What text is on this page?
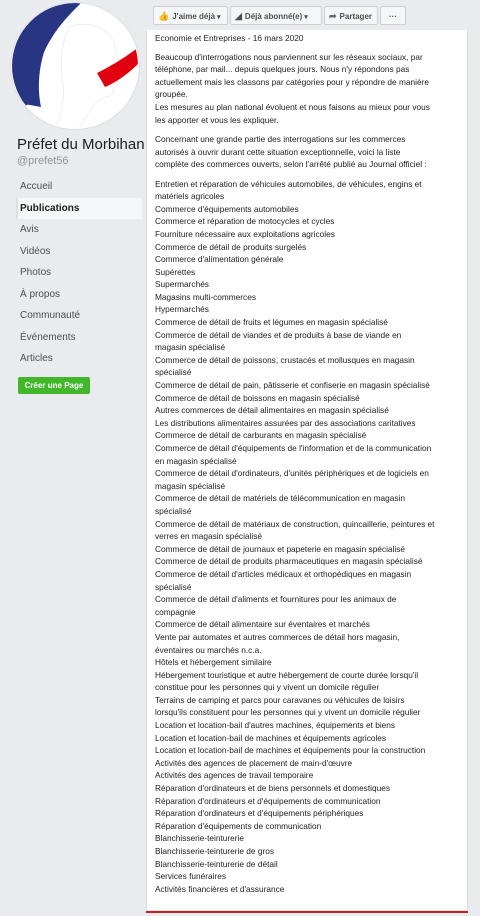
Préfet du Morbihan
@prefet56
Accueil
Publications
Avis
Vidéos
Photos
À propos
Communauté
Événements
Articles
Créer une Page
👍 J'aime déjà ▾	◢ Déjà abonné(e) ▾	➦ Partager	···

Economie et Entreprises - 16 mars 2020

Beaucoup d'interrogations nous parviennent sur les réseaux sociaux, par

téléphone, par mail... depuis quelques jours. Nous n'y répondons pas

actuellement mais les classons par catégories pour y répondre de manière

groupée.

Les mesures au plan national évoluent et nous faisons au mieux pour vous

les apporter et vous les expliquer.

Concernant une grande partie des interrogations sur les commerces

autorisés à ouvrir durant cette situation exceptionnelle, voici la liste

complète des commerces ouverts, selon l'arrêté publié au Journal officiel :

Entretien et réparation de véhicules automobiles, de véhicules, engins et

matériels agricoles

Commerce d'équipements automobiles

Commerce et réparation de motocycles et cycles

Fourniture nécessaire aux exploitations agricoles

Commerce de détail de produits surgelés

Commerce d'alimentation générale

Supérettes

Supermarchés

Magasins multi-commerces

Hypermarchés

Commerce de détail de fruits et légumes en magasin spécialisé

Commerce de détail de viandes et de produits à base de viande en

magasin spécialisé

Commerce de détail de poissons, crustacés et mollusques en magasin

spécialisé

Commerce de détail de pain, pâtisserie et confiserie en magasin spécialisé

Commerce de détail de boissons en magasin spécialisé

Autres commerces de détail alimentaires en magasin spécialisé

Les distributions alimentaires assurées par des associations caritatives

Commerce de détail de carburants en magasin spécialisé

Commerce de détail d'équipements de l'information et de la communication

en magasin spécialisé

Commerce de détail d'ordinateurs, d'unités périphériques et de logiciels en

magasin spécialisé

Commerce de détail de matériels de télécommunication en magasin

spécialisé

Commerce de détail de matériaux de construction, quincaillerie, peintures et

verres en magasin spécialisé

Commerce de détail de journaux et papeterie en magasin spécialisé

Commerce de détail de produits pharmaceutiques en magasin spécialisé

Commerce de détail d'articles médicaux et orthopédiques en magasin

spécialisé

Commerce de détail d'aliments et fournitures pour les animaux de

compagnie

Commerce de détail alimentaire sur éventaires et marchés

Vente par automates et autres commerces de détail hors magasin,

éventaires ou marchés n.c.a.

Hôtels et hébergement similaire

Hébergement touristique et autre hébergement de courte durée lorsqu'il

constitue pour les personnes qui y vivent un domicile régulier

Terrains de camping et parcs pour caravanes ou véhicules de loisirs

lorsqu'ils constituent pour les personnes qui y vivent un domicile régulier

Location et location-bail d'autres machines, équipements et biens

Location et location-bail de machines et équipements agricoles

Location et location-bail de machines et équipements pour la construction

Activités des agences de placement de main-d'œuvre

Activités des agences de travail temporaire

Réparation d'ordinateurs et de biens personnels et domestiques

Réparation d'ordinateurs et d'équipements de communication

Réparation d'ordinateurs et d'équipements périphériques

Réparation d'équipements de communication

Blanchisserie-teinturerie

Blanchisserie-teinturerie de gros

Blanchisserie-teinturerie de détail

Services funéraires

Activités financières et d'assurance
